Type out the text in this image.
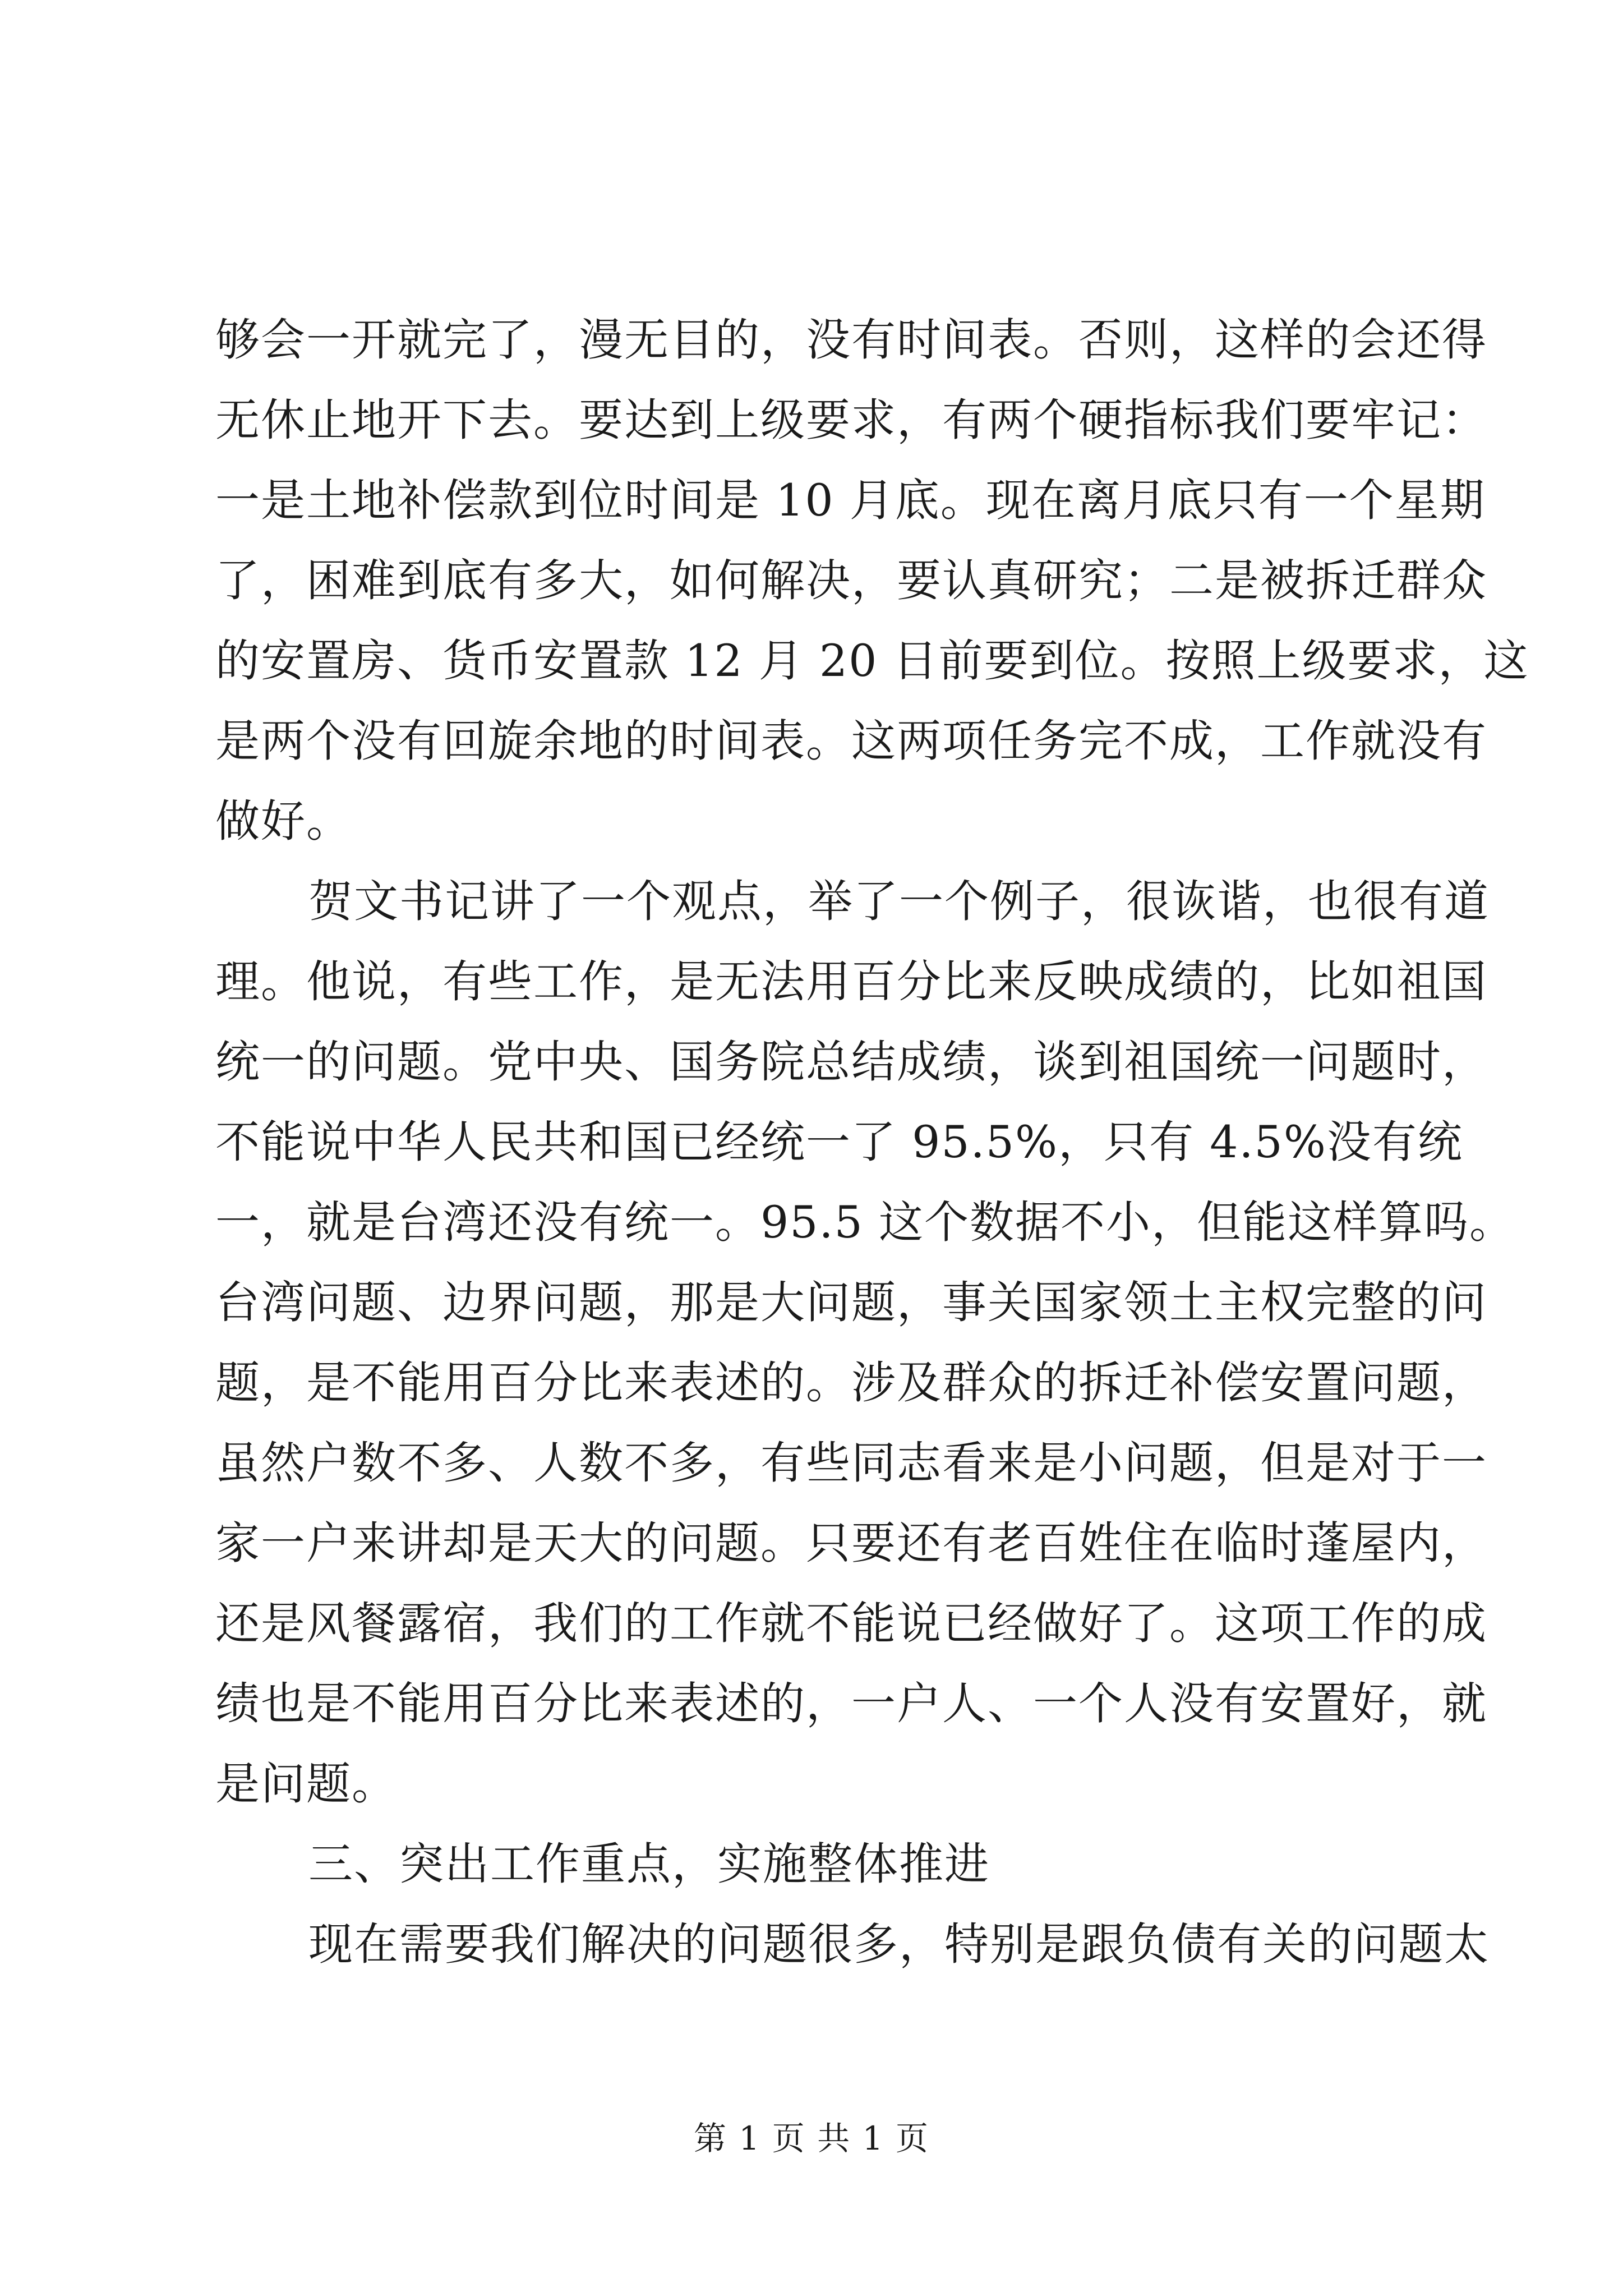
够会一开就完了，漫无目的，没有时间表。否则，这样的会还得
无休止地开下去。要达到上级要求，有两个硬指标我们要牢记：
一是土地补偿款到位时间是 10 月底。现在离月底只有一个星期
了，困难到底有多大，如何解决，要认真研究；二是被拆迁群众
的安置房、货币安置款 12 月 20 日前要到位。按照上级要求，这
是两个没有回旋余地的时间表。这两项任务完不成，工作就没有
做好。
贺文书记讲了一个观点，举了一个例子，很诙谐，也很有道
理。他说，有些工作，是无法用百分比来反映成绩的，比如祖国
统一的问题。党中央、国务院总结成绩，谈到祖国统一问题时，
不能说中华人民共和国已经统一了 95.5%，只有 4.5%没有统
一，就是台湾还没有统一。95.5 这个数据不小，但能这样算吗。
台湾问题、边界问题，那是大问题，事关国家领土主权完整的问
题，是不能用百分比来表述的。涉及群众的拆迁补偿安置问题，
虽然户数不多、人数不多，有些同志看来是小问题，但是对于一
家一户来讲却是天大的问题。只要还有老百姓住在临时蓬屋内，
还是风餐露宿，我们的工作就不能说已经做好了。这项工作的成
绩也是不能用百分比来表述的，一户人、一个人没有安置好，就
是问题。
三、突出工作重点，实施整体推进
现在需要我们解决的问题很多，特别是跟负债有关的问题太
第 1 页 共 1 页
